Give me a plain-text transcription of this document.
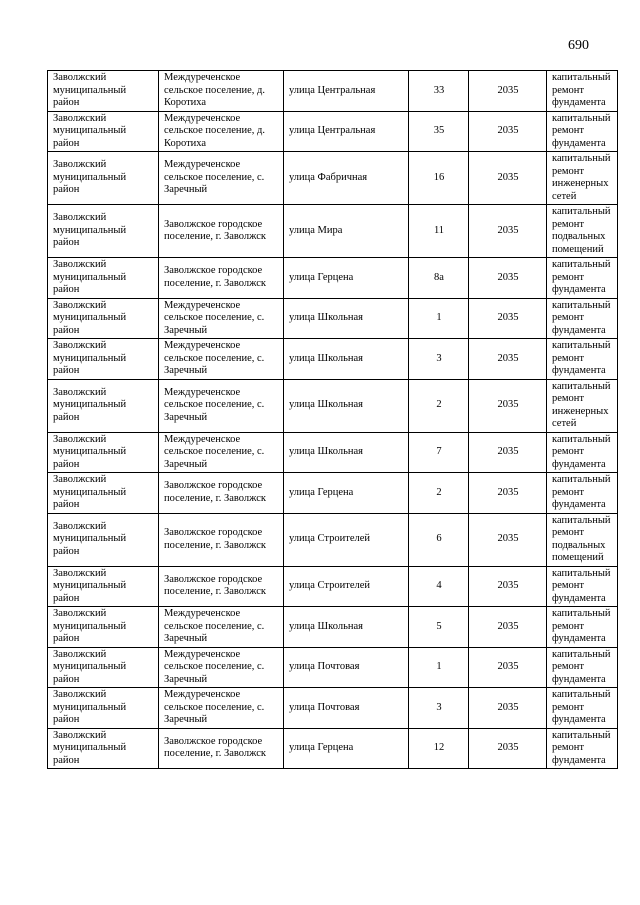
690
Заволжский муниципальный район	Междуреченское сельское поселение, д. Коротиха	улица Центральная	33	2035	капитальный ремонт фундамента
Заволжский муниципальный район	Междуреченское сельское поселение, д. Коротиха	улица Центральная	35	2035	капитальный ремонт фундамента
Заволжский муниципальный район	Междуреченское сельское поселение, с. Заречный	улица Фабричная	16	2035	капитальный ремонт инженерных сетей
Заволжский муниципальный район	Заволжское городское поселение, г. Заволжск	улица Мира	11	2035	капитальный ремонт подвальных помещений
Заволжский муниципальный район	Заволжское городское поселение, г. Заволжск	улица Герцена	8а	2035	капитальный ремонт фундамента
Заволжский муниципальный район	Междуреченское сельское поселение, с. Заречный	улица Школьная	1	2035	капитальный ремонт фундамента
Заволжский муниципальный район	Междуреченское сельское поселение, с. Заречный	улица Школьная	3	2035	капитальный ремонт фундамента
Заволжский муниципальный район	Междуреченское сельское поселение, с. Заречный	улица Школьная	2	2035	капитальный ремонт инженерных сетей
Заволжский муниципальный район	Междуреченское сельское поселение, с. Заречный	улица Школьная	7	2035	капитальный ремонт фундамента
Заволжский муниципальный район	Заволжское городское поселение, г. Заволжск	улица Герцена	2	2035	капитальный ремонт фундамента
Заволжский муниципальный район	Заволжское городское поселение, г. Заволжск	улица Строителей	6	2035	капитальный ремонт подвальных помещений
Заволжский муниципальный район	Заволжское городское поселение, г. Заволжск	улица Строителей	4	2035	капитальный ремонт фундамента
Заволжский муниципальный район	Междуреченское сельское поселение, с. Заречный	улица Школьная	5	2035	капитальный ремонт фундамента
Заволжский муниципальный район	Междуреченское сельское поселение, с. Заречный	улица Почтовая	1	2035	капитальный ремонт фундамента
Заволжский муниципальный район	Междуреченское сельское поселение, с. Заречный	улица Почтовая	3	2035	капитальный ремонт фундамента
Заволжский муниципальный район	Заволжское городское поселение, г. Заволжск	улица Герцена	12	2035	капитальный ремонт фундамента
